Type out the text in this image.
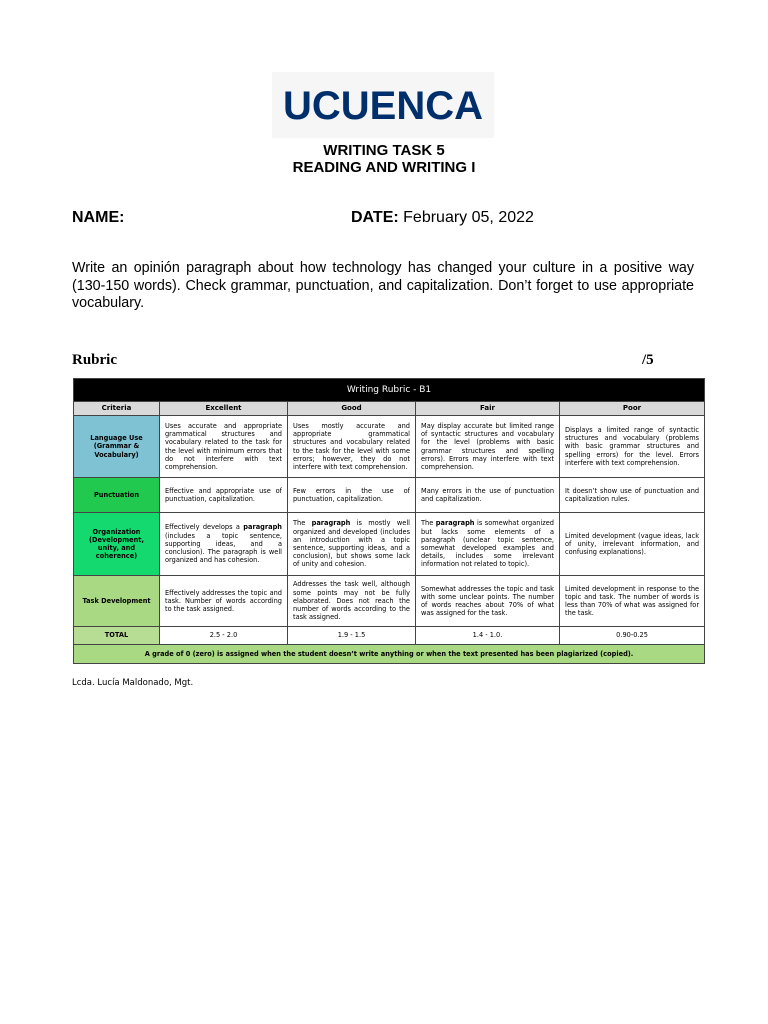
UCUENCA
WRITING TASK 5
READING AND WRITING I
NAME:	DATE: February 05, 2022
Write an opinión paragraph about how technology has changed your culture in a positive way (130-150 words). Check grammar, punctuation, and capitalization. Don’t forget to use appropriate vocabulary.
Rubric	/5
Writing Rubric - B1				
Criteria	Excellent	Good	Fair	Poor
Language Use (Grammar & Vocabulary)	Uses accurate and appropriate grammatical structures and vocabulary related to the task for the level with minimum errors that do not interfere with text comprehension.	Uses mostly accurate and appropriate grammatical structures and vocabulary related to the task for the level with some errors; however, they do not interfere with text comprehension.	May display accurate but limited range of syntactic structures and vocabulary for the level (problems with basic grammar structures and spelling errors). Errors may interfere with text comprehension.	Displays a limited range of syntactic structures and vocabulary (problems with basic grammar structures and spelling errors) for the level. Errors interfere with text comprehension.
Punctuation	Effective and appropriate use of punctuation, capitalization.	Few errors in the use of punctuation, capitalization.	Many errors in the use of punctuation and capitalization.	It doesn’t show use of punctuation and capitalization rules.
Organization (Development, unity, and coherence)	Effectively develops a paragraph (includes a topic sentence, supporting ideas, and a conclusion). The paragraph is well organized and has cohesion.	The paragraph is mostly well organized and developed (includes an introduction with a topic sentence, supporting ideas, and a conclusion), but shows some lack of unity and cohesion.	The paragraph is somewhat organized but lacks some elements of a paragraph (unclear topic sentence, somewhat developed examples and details, includes some irrelevant information not related to topic).	Limited development (vague ideas, lack of unity, irrelevant information, and confusing explanations).
Task Development	Effectively addresses the topic and task. Number of words according to the task assigned.	Addresses the task well, although some points may not be fully elaborated. Does not reach the number of words according to the task assigned.	Somewhat addresses the topic and task with some unclear points. The number of words reaches about 70% of what was assigned for the task.	Limited development in response to the topic and task. The number of words is less than 70% of what was assigned for the task.
TOTAL	2.5 - 2.0	1.9 - 1.5	1.4 - 1.0.	0.90-0.25
A grade of 0 (zero) is assigned when the student doesn’t write anything or when the text presented has been plagiarized (copied).				
Lcda. Lucía Maldonado, Mgt.
